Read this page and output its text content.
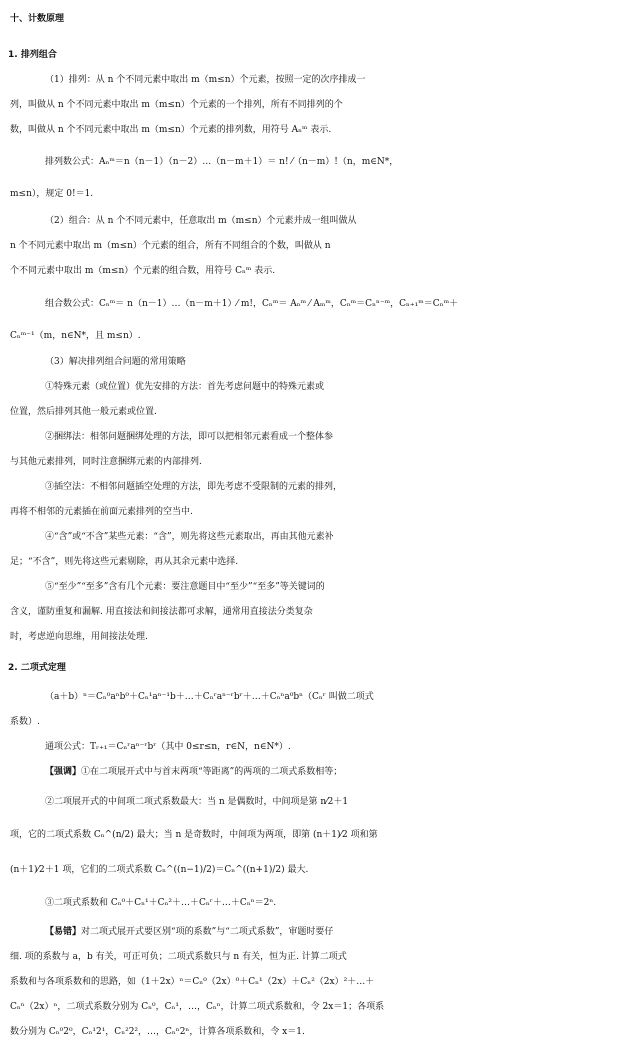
十、计数原理
1. 排列组合
（1）排列：从 n 个不同元素中取出 m（m≤n）个元素，按照一定的次序排成一
列，叫做从 n 个不同元素中取出 m（m≤n）个元素的一个排列，所有不同排列的个
数，叫做从 n 个不同元素中取出 m（m≤n）个元素的排列数，用符号 Aₙᵐ 表示.
排列数公式：Aₙᵐ＝n（n－1）（n－2）…（n－m＋1）＝ n! ⁄（n－m）!（n，m∈N*，
m≤n），规定 0!＝1.
（2）组合：从 n 个不同元素中，任意取出 m（m≤n）个元素并成一组叫做从
n 个不同元素中取出 m（m≤n）个元素的组合，所有不同组合的个数，叫做从 n
个不同元素中取出 m（m≤n）个元素的组合数，用符号 Cₙᵐ 表示.
组合数公式：Cₙᵐ＝ n（n－1）…（n－m＋1）⁄ m!，Cₙᵐ＝ Aₙᵐ ⁄ Aₘᵐ，Cₙᵐ＝Cₙⁿ⁻ᵐ，Cₙ₊₁ᵐ＝Cₙᵐ＋
Cₙᵐ⁻¹（m，n∈N*，且 m≤n）.
（3）解决排列组合问题的常用策略
①特殊元素（或位置）优先安排的方法：首先考虑问题中的特殊元素或
位置，然后排列其他一般元素或位置.
②捆绑法：相邻问题捆绑处理的方法，即可以把相邻元素看成一个整体参
与其他元素排列，同时注意捆绑元素的内部排列.
③插空法：不相邻问题插空处理的方法，即先考虑不受限制的元素的排列，
再将不相邻的元素插在前面元素排列的空当中.
④“含”或“不含”某些元素：“含”，则先将这些元素取出，再由其他元素补
足；“不含”，则先将这些元素剔除，再从其余元素中选择.
⑤“至少”“至多”含有几个元素：要注意题目中“至少”“至多”等关键词的
含义，谨防重复和漏解. 用直接法和间接法都可求解，通常用直接法分类复杂
时，考虑逆向思维，用间接法处理.
2. 二项式定理
（a＋b）ⁿ＝Cₙ⁰aⁿb⁰＋Cₙ¹aⁿ⁻¹b＋…＋Cₙʳaⁿ⁻ʳbʳ＋…＋Cₙⁿa⁰bⁿ（Cₙʳ 叫做二项式
系数）.
通项公式：Tᵣ₊₁＝Cₙʳaⁿ⁻ʳbʳ（其中 0≤r≤n，r∈N，n∈N*）.
【强调】①在二项展开式中与首末两项“等距离”的两项的二项式系数相等；
②二项展开式的中间项二项式系数最大：当 n 是偶数时，中间项是第 n⁄2＋1
项，它的二项式系数 Cₙ^(n/2) 最大；当 n 是奇数时，中间项为两项，即第 (n＋1)⁄2 项和第
(n＋1)⁄2＋1 项，它们的二项式系数 Cₙ^((n−1)/2)＝Cₙ^((n+1)/2) 最大.
③二项式系数和 Cₙ⁰＋Cₙ¹＋Cₙ²＋…＋Cₙʳ＋…＋Cₙⁿ＝2ⁿ.
【易错】对二项式展开式要区别“项的系数”与“二项式系数”，审题时要仔
细. 项的系数与 a，b 有关，可正可负；二项式系数只与 n 有关，恒为正. 计算二项式
系数和与各项系数和的思路，如（1＋2x）ⁿ＝Cₙ⁰（2x）⁰＋Cₙ¹（2x）＋Cₙ²（2x）²＋…＋
Cₙⁿ（2x）ⁿ，二项式系数分别为 Cₙ⁰，Cₙ¹，…，Cₙⁿ，计算二项式系数和，令 2x＝1；各项系
数分别为 Cₙ⁰2⁰，Cₙ¹2¹，Cₙ²2²，…，Cₙⁿ2ⁿ，计算各项系数和，令 x＝1.
